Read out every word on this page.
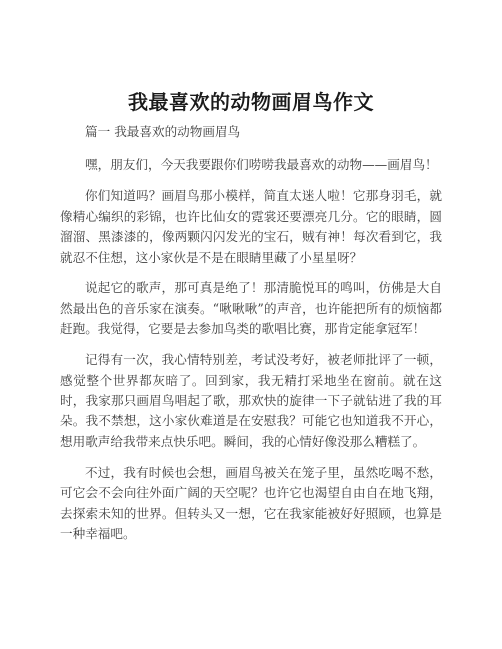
我最喜欢的动物画眉鸟作文

篇一 我最喜欢的动物画眉鸟

嘿，朋友们，今天我要跟你们唠唠我最喜欢的动物——画眉鸟！

你们知道吗？画眉鸟那小模样，简直太迷人啦！它那身羽毛，就像精心编织的彩锦，也许比仙女的霓裳还要漂亮几分。它的眼睛，圆溜溜、黑漆漆的，像两颗闪闪发光的宝石，贼有神！每次看到它，我就忍不住想，这小家伙是不是在眼睛里藏了小星星呀？

说起它的歌声，那可真是绝了！那清脆悦耳的鸣叫，仿佛是大自然最出色的音乐家在演奏。“啾啾啾”的声音，也许能把所有的烦恼都赶跑。我觉得，它要是去参加鸟类的歌唱比赛，那肯定能拿冠军！

记得有一次，我心情特别差，考试没考好，被老师批评了一顿，感觉整个世界都灰暗了。回到家，我无精打采地坐在窗前。就在这时，我家那只画眉鸟唱起了歌，那欢快的旋律一下子就钻进了我的耳朵。我不禁想，这小家伙难道是在安慰我？可能它也知道我不开心，想用歌声给我带来点快乐吧。瞬间，我的心情好像没那么糟糕了。

不过，我有时候也会想，画眉鸟被关在笼子里，虽然吃喝不愁，可它会不会向往外面广阔的天空呢？也许它也渴望自由自在地飞翔，去探索未知的世界。但转头又一想，它在我家能被好好照顾，也算是一种幸福吧。
